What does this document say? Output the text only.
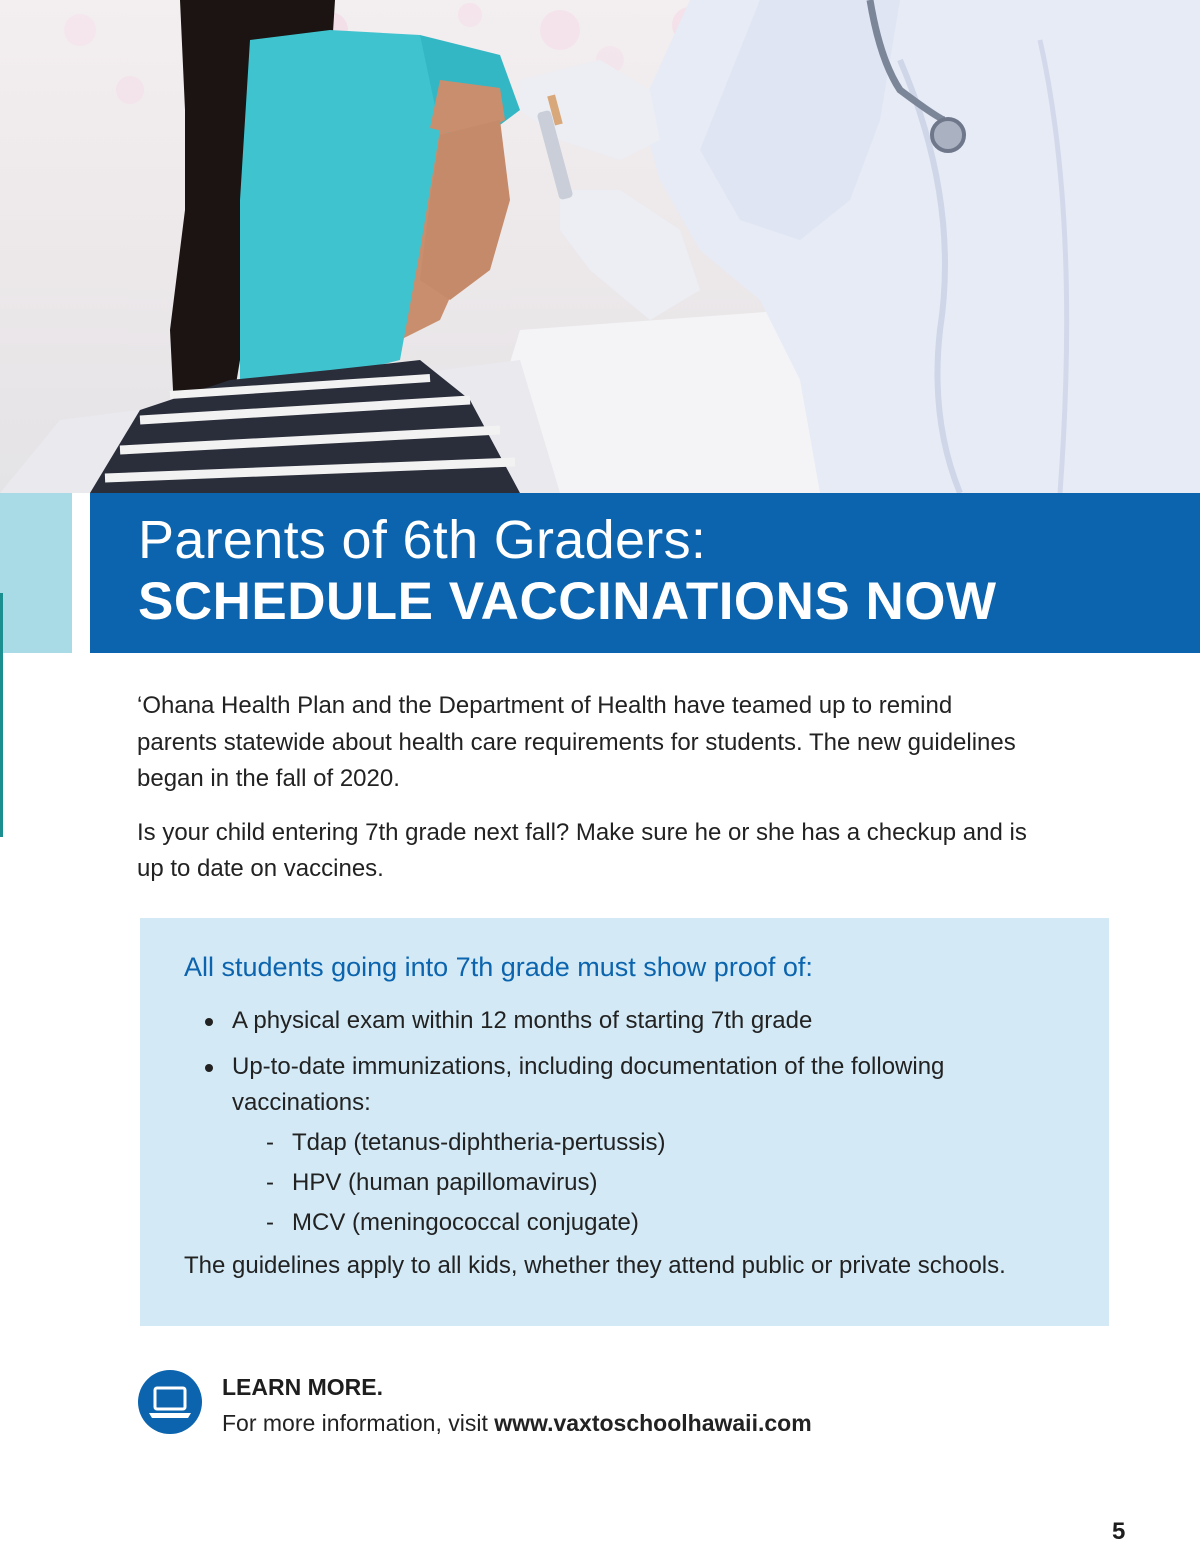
Parents of 6th Graders:
SCHEDULE VACCINATIONS NOW

‘Ohana Health Plan and the Department of Health have teamed up to remind parents statewide about health care requirements for students. The new guidelines began in the fall of 2020.

Is your child entering 7th grade next fall? Make sure he or she has a checkup and is up to date on vaccines.

All students going into 7th grade must show proof of:
A physical exam within 12 months of starting 7th grade
Up-to-date immunizations, including documentation of the following vaccinations:
- Tdap (tetanus-diphtheria-pertussis)
- HPV (human papillomavirus)
- MCV (meningococcal conjugate)
The guidelines apply to all kids, whether they attend public or private schools.
LEARN MORE.
For more information, visit www.vaxtoschoolhawaii.com
5
